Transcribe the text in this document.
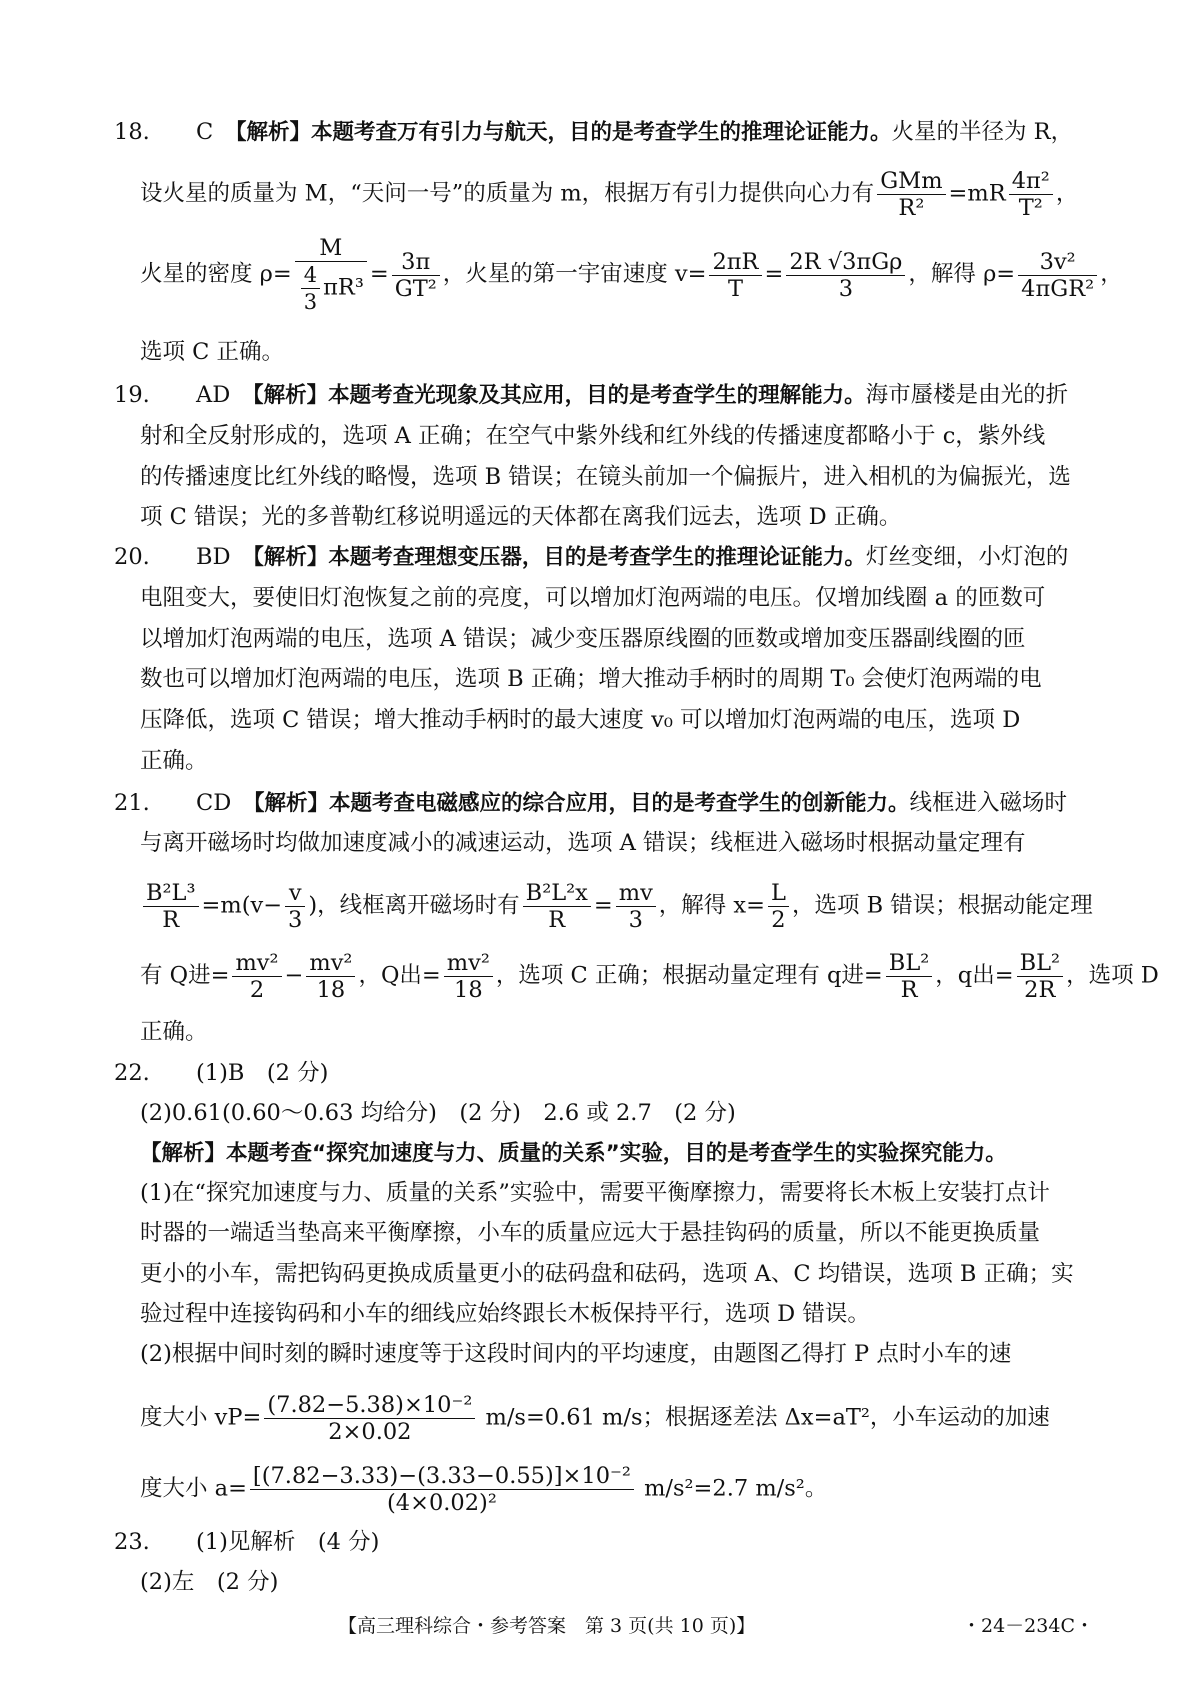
18. C　 【解析】本题考查万有引力与航天，目的是考查学生的推理论证能力。火星的半径为 R，
设火星的质量为 M，“天问一号”的质量为 m，根据万有引力提供向心力有 $\frac{\text{GMm}}{\text{R²}} =mR \frac{\text{4π²}}{\text{T²}}$ ，
火星的密度 $\rho= \frac{M}{\frac{4}{3} \pi R^3} = \frac{3\pi}{\text{GT²}}$ ，火星的第一宇宙速度 $v= \frac{2\pi R}{T} = \frac{\text{2R √3πGρ}}{3}$ ，解得 $\rho= \frac{\text{3v²}}{\text{4πGR²}}$ ，
选项 C 正确。
19. AD　 【解析】本题考查光现象及其应用，目的是考查学生的理解能力。海市蜃楼是由光的折
射和全反射形成的，选项 A 正确；在空气中紫外线和红外线的传播速度都略小于 c，紫外线
的传播速度比红外线的略慢，选项 B 错误；在镜头前加一个偏振片，进入相机的为偏振光，选
项 C 错误；光的多普勒红移说明遥远的天体都在离我们远去，选项 D 正确。
20. BD　 【解析】本题考查理想变压器，目的是考查学生的推理论证能力。灯丝变细，小灯泡的
电阻变大，要使旧灯泡恢复之前的亮度，可以增加灯泡两端的电压。仅增加线圈 a 的匝数可
以增加灯泡两端的电压，选项 A 错误；减少变压器原线圈的匝数或增加变压器副线圈的匝
数也可以增加灯泡两端的电压，选项 B 正确；增大推动手柄时的周期 T₀ 会使灯泡两端的电
压降低，选项 C 错误；增大推动手柄时的最大速度 v₀ 可以增加灯泡两端的电压，选项 D
正确。
21. CD　 【解析】本题考查电磁感应的综合应用，目的是考查学生的创新能力。线框进入磁场时
与离开磁场时均做加速度减小的减速运动，选项 A 错误；线框进入磁场时根据动量定理有
$\frac{\text{B²L³}}{R} =m(v- \frac{v}{3}$ )，线框离开磁场时有 $\frac{\text{B²L²x}}{R} = \frac{mv}{3}$ ，解得 $x= \frac{L}{2}$ ，选项 B 错误；根据动能定理
有 Q进= $\frac{\text{mv²}}{2} - \frac{\text{mv²}}{18}$ ，Q出= $\frac{\text{mv²}}{18}$ ，选项 C 正确；根据动量定理有 q进= $\frac{\text{BL²}}{R}$ ，q出= $\frac{\text{BL²}}{2R}$ ，选项 D
正确。
22. (1)B　(2 分)
(2)0.61(0.60～0.63 均给分)　(2 分)　2.6 或 2.7　(2 分)
【解析】本题考查“探究加速度与力、质量的关系”实验，目的是考查学生的实验探究能力。
(1)在“探究加速度与力、质量的关系”实验中，需要平衡摩擦力，需要将长木板上安装打点计
时器的一端适当垫高来平衡摩擦，小车的质量应远大于悬挂钩码的质量，所以不能更换质量
更小的小车，需把钩码更换成质量更小的砝码盘和砝码，选项 A、C 均错误，选项 B 正确；实
验过程中连接钩码和小车的细线应始终跟长木板保持平行，选项 D 错误。
(2)根据中间时刻的瞬时速度等于这段时间内的平均速度，由题图乙得打 P 点时小车的速
度大小 $vP= \frac{\text{(7.82−5.38)×10⁻²}}{2\times 0.02} m/s=0.61$ m/s；根据逐差法 Δx=aT²，小车运动的加速
度大小 $a= \frac{\text{[(7.82−3.33)−(3.33−0.55)]×10⁻²}}{\text{(4×0.02)²}} m/s^2=2.7$ m/s²。
23. (1)见解析　(4 分)
(2)左　(2 分)
【高三理科综合・参考答案　第 3 页(共 10 页)】	・24－234C・
